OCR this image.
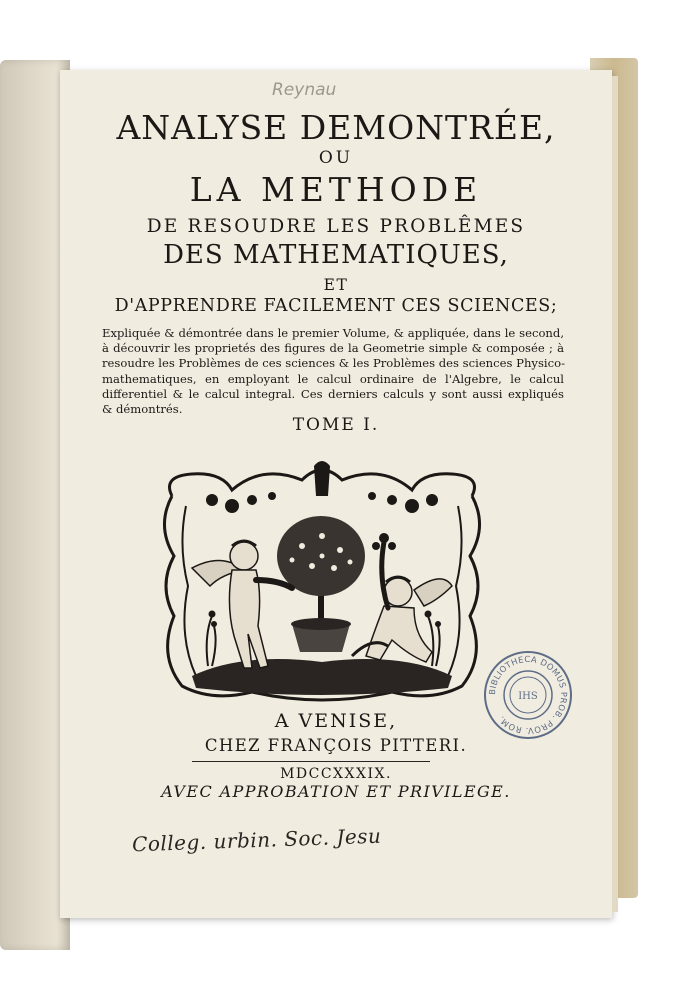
Reynau
ANALYSE DEMONTRÉE,
OU
LA METHODE
DE RESOUDRE LES PROBLÊMES
DES MATHEMATIQUES,
ET
D'APPRENDRE FACILEMENT CES SCIENCES;
Expliquée & démontrée dans le premier Volume, & appliquée, dans le second,
à découvrir les proprietés des figures de la Geometrie simple & composée ; à
resoudre les Problèmes de ces sciences & les Problèmes des sciences Physico-
mathematiques, en employant le calcul ordinaire de l'Algebre, le calcul
differentiel & le calcul integral. Ces derniers calculs y sont aussi expliqués
& démontrés.
TOME I.
A VENISE,
CHEZ FRANÇOIS PITTERI.
MDCCXXXIX.
AVEC APPROBATION ET PRIVILEGE.
BIBLIOTHECA DOMUS PROB. PROV. ROM.
IHS
Colleg. urbin. Soc. Jesu
